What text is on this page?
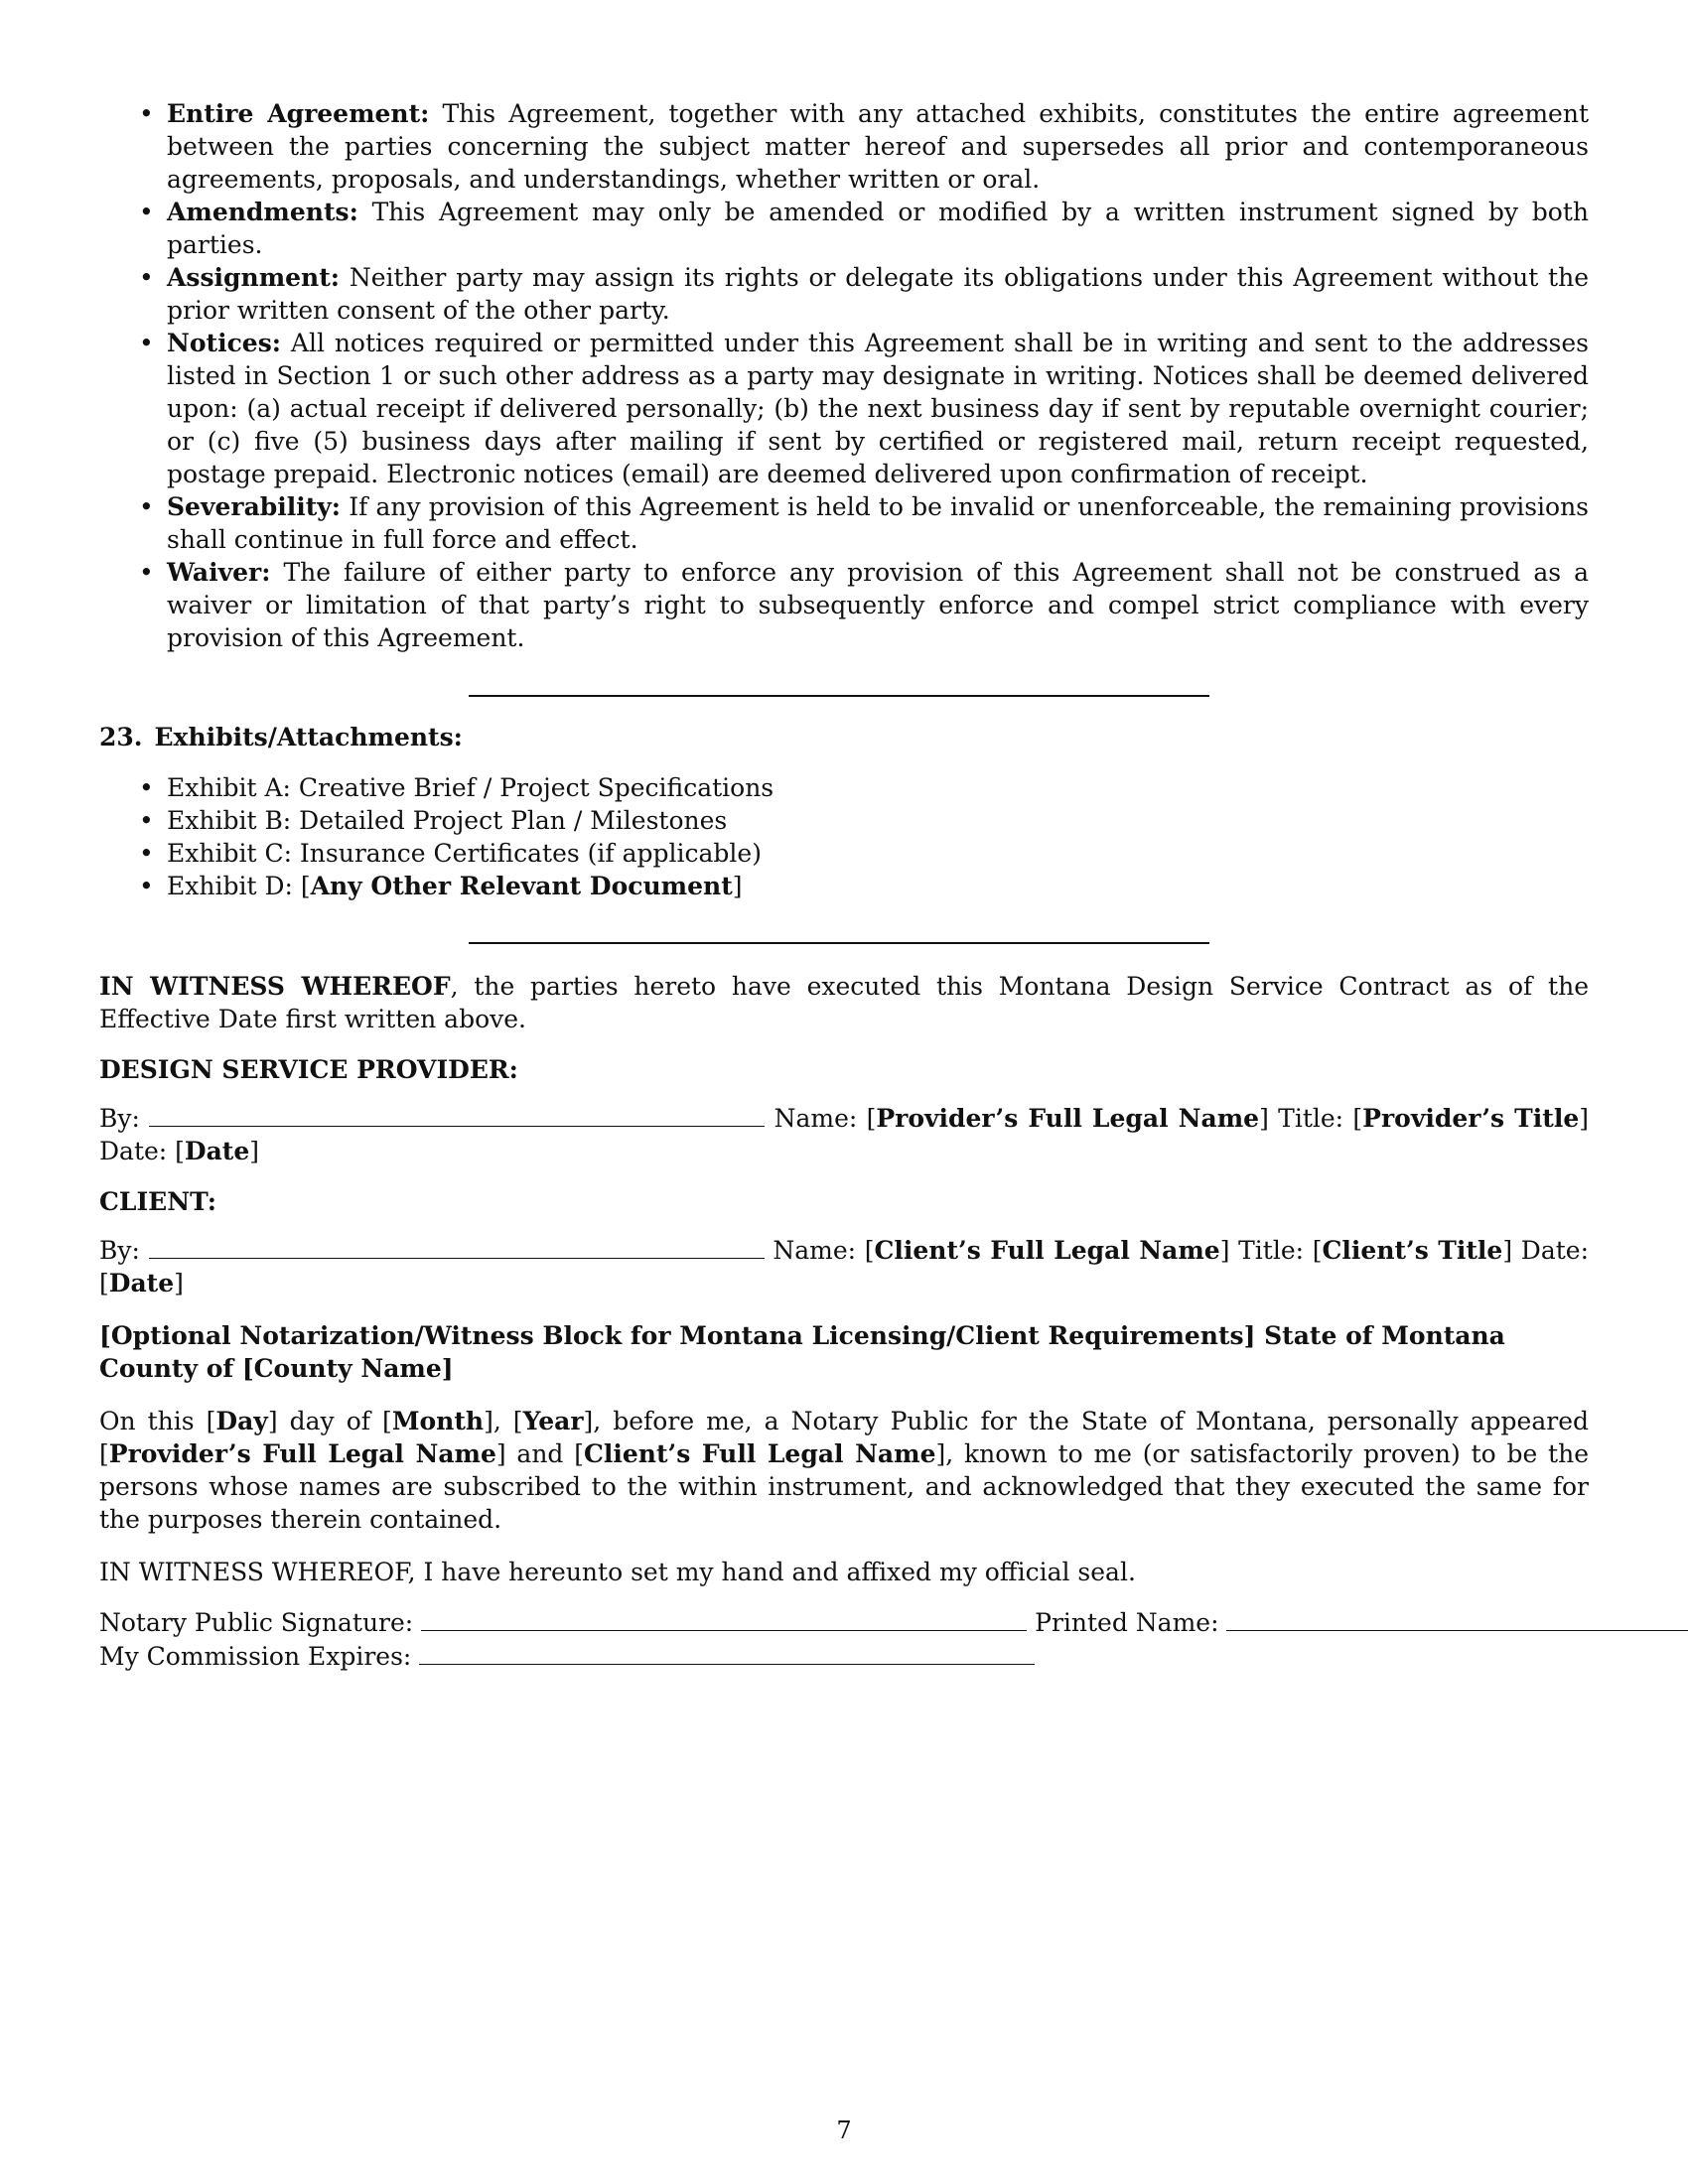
• Entire Agreement: This Agreement, together with any attached exhibits, constitutes the entire agreement between the parties concerning the subject matter hereof and supersedes all prior and contemporaneous agreements, proposals, and understandings, whether written or oral.
• Amendments: This Agreement may only be amended or modified by a written instrument signed by both parties.
• Assignment: Neither party may assign its rights or delegate its obligations under this Agreement without the prior written consent of the other party.
• Notices: All notices required or permitted under this Agreement shall be in writing and sent to the addresses listed in Section 1 or such other address as a party may designate in writing. Notices shall be deemed delivered upon: (a) actual receipt if delivered personally; (b) the next business day if sent by reputable overnight courier; or (c) five (5) business days after mailing if sent by certified or registered mail, return receipt requested, postage prepaid. Electronic notices (email) are deemed delivered upon confirmation of receipt.
• Severability: If any provision of this Agreement is held to be invalid or unenforceable, the remaining provisions shall continue in full force and effect.
• Waiver: The failure of either party to enforce any provision of this Agreement shall not be construed as a waiver or limitation of that party’s right to subsequently enforce and compel strict compliance with every provision of this Agreement.
23. Exhibits/Attachments:
• Exhibit A: Creative Brief / Project Specifications
• Exhibit B: Detailed Project Plan / Milestones
• Exhibit C: Insurance Certificates (if applicable)
• Exhibit D: [Any Other Relevant Document]
IN WITNESS WHEREOF, the parties hereto have executed this Montana Design Service Contract as of the Effective Date first written above.
DESIGN SERVICE PROVIDER:
By:	Name: [Provider’s Full Legal Name] Title: [Provider’s Title] Date: [Date]
CLIENT:
By:	Name: [Client’s Full Legal Name] Title: [Client’s Title] Date: [Date]
[Optional Notarization/Witness Block for Montana Licensing/Client Requirements] State of Montana County of [County Name]
On this [Day] day of [Month], [Year], before me, a Notary Public for the State of Montana, personally appeared [Provider’s Full Legal Name] and [Client’s Full Legal Name], known to me (or satisfactorily proven) to be the persons whose names are subscribed to the within instrument, and acknowledged that they executed the same for the purposes therein contained.
IN WITNESS WHEREOF, I have hereunto set my hand and affixed my official seal.
Notary Public Signature:	Printed Name:
My Commission Expires:
7
